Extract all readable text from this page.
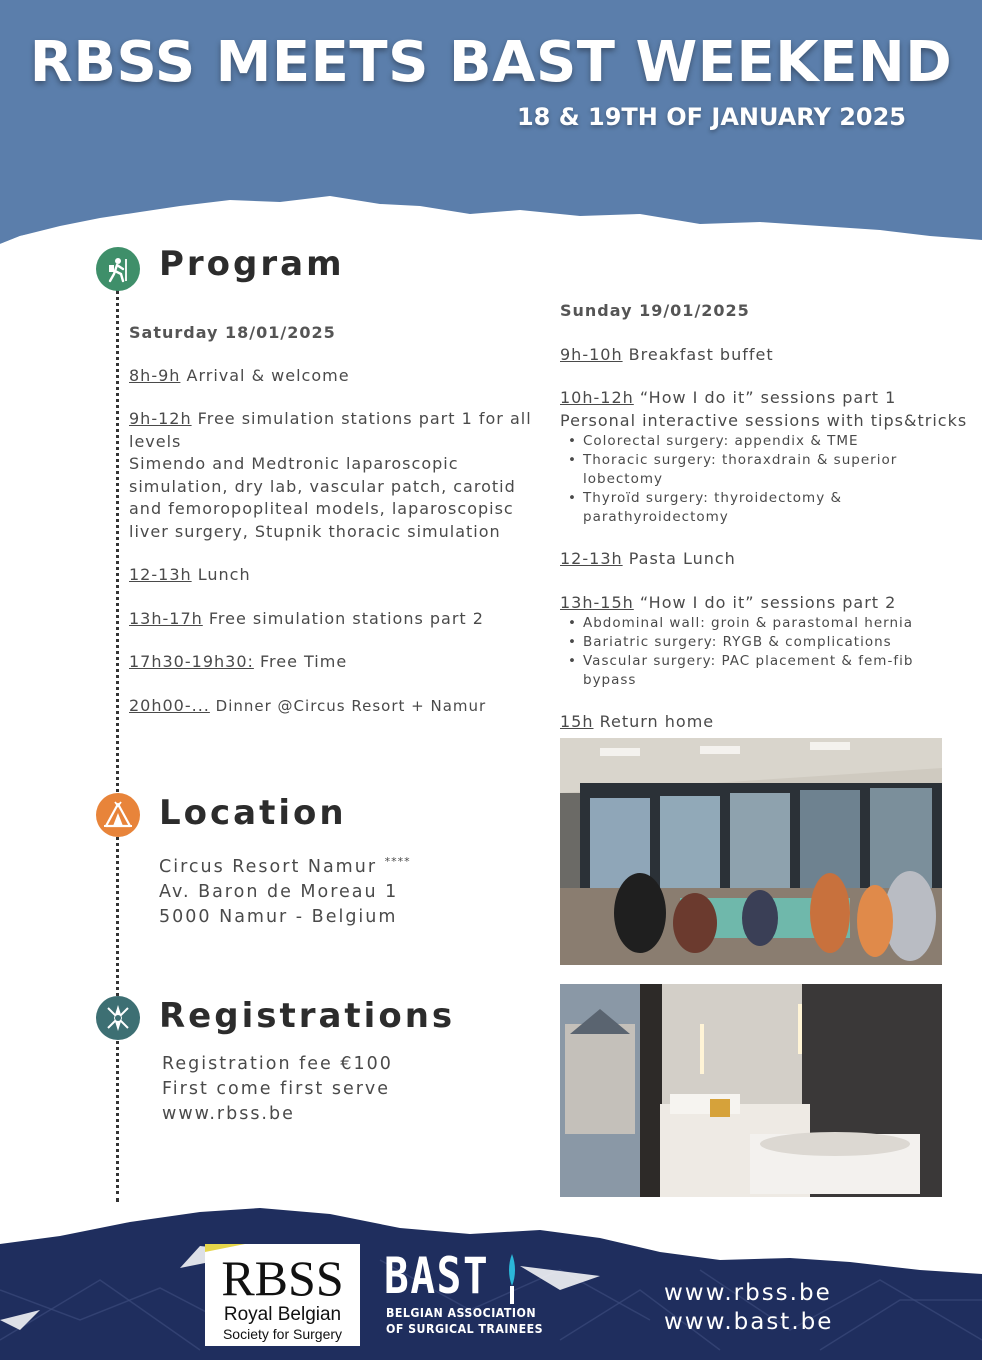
RBSS MEETS BAST WEEKEND
18 & 19TH OF JANUARY 2025
Program
Saturday 18/01/2025
8h-9h Arrival & welcome
9h-12h Free simulation stations part 1 for all levels
Simendo and Medtronic laparoscopic simulation, dry lab, vascular patch, carotid and femoropopliteal models, laparoscopisc liver surgery, Stupnik thoracic simulation
12-13h Lunch
13h-17h Free simulation stations part 2
17h30-19h30: Free Time
20h00-... Dinner @Circus Resort + Namur
Sunday 19/01/2025
9h-10h Breakfast buffet
10h-12h “How I do it” sessions part 1
Personal interactive sessions with tips&tricks
• Colorectal surgery: appendix & TME
• Thoracic surgery: thoraxdrain & superior lobectomy
• Thyroïd surgery: thyroidectomy & parathyroidectomy
12-13h Pasta Lunch
13h-15h “How I do it” sessions part 2
• Abdominal wall: groin & parastomal hernia
• Bariatric surgery: RYGB & complications
• Vascular surgery: PAC placement & fem-fib bypass
15h Return home
Location
Circus Resort Namur ****
Av. Baron de Moreau 1
5000 Namur - Belgium
Registrations
Registration fee €100
First come first serve
www.rbss.be
RBSS
Royal Belgian
Society for Surgery
BAST
BELGIAN ASSOCIATION
OF SURGICAL TRAINEES
www.rbss.be
www.bast.be
